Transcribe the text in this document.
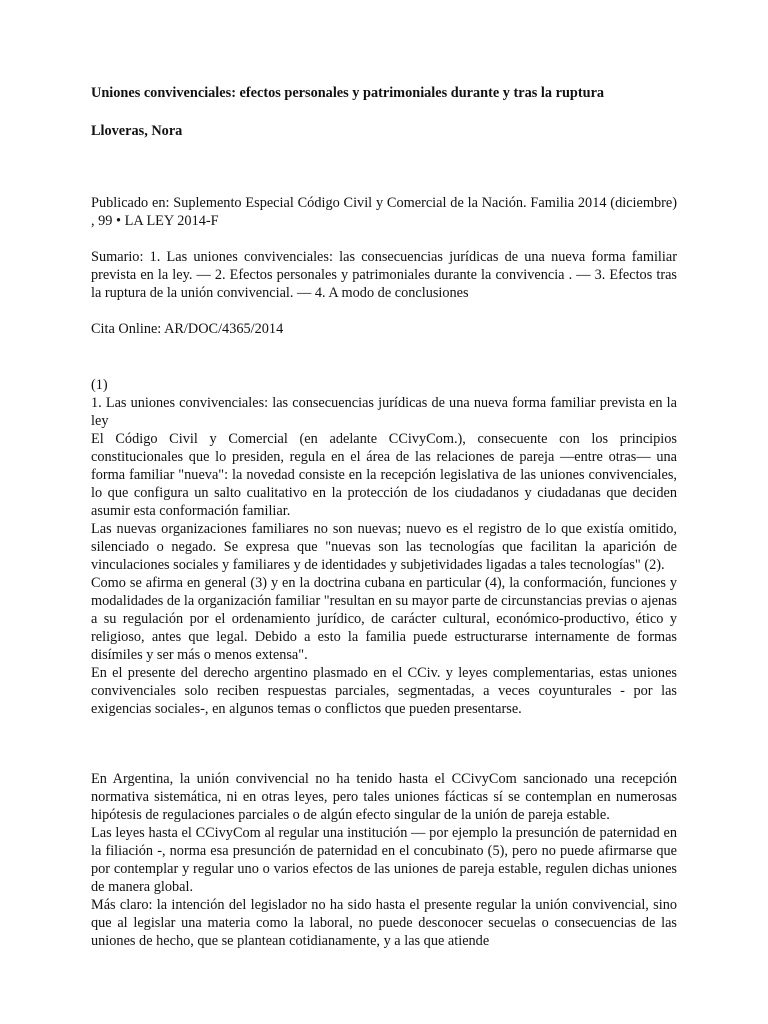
Uniones convivenciales: efectos personales y patrimoniales durante y tras la ruptura

Lloveras, Nora

Publicado en: Suplemento Especial Código Civil y Comercial de la Nación. Familia 2014 (diciembre) , 99 • LA LEY 2014-F

Sumario: 1. Las uniones convivenciales: las consecuencias jurídicas de una nueva forma familiar prevista en la ley. — 2. Efectos personales y patrimoniales durante la convivencia . — 3. Efectos tras la ruptura de la unión convivencial. — 4. A modo de conclusiones

Cita Online: AR/DOC/4365/2014

(1)

1. Las uniones convivenciales: las consecuencias jurídicas de una nueva forma familiar prevista en la ley

El Código Civil y Comercial (en adelante CCivyCom.), consecuente con los principios constitucionales que lo presiden, regula en el área de las relaciones de pareja —entre otras— una forma familiar "nueva": la novedad consiste en la recepción legislativa de las uniones convivenciales, lo que configura un salto cualitativo en la protección de los ciudadanos y ciudadanas que deciden asumir esta conformación familiar.

Las nuevas organizaciones familiares no son nuevas; nuevo es el registro de lo que existía omitido, silenciado o negado. Se expresa que "nuevas son las tecnologías que facilitan la aparición de vinculaciones sociales y familiares y de identidades y subjetividades ligadas a tales tecnologías" (2).

Como se afirma en general (3) y en la doctrina cubana en particular (4), la conformación, funciones y modalidades de la organización familiar "resultan en su mayor parte de circunstancias previas o ajenas a su regulación por el ordenamiento jurídico, de carácter cultural, económico-productivo, ético y religioso, antes que legal. Debido a esto la familia puede estructurarse internamente de formas disímiles y ser más o menos extensa".

En el presente del derecho argentino plasmado en el CCiv. y leyes complementarias, estas uniones convivenciales solo reciben respuestas parciales, segmentadas, a veces coyunturales - por las exigencias sociales-, en algunos temas o conflictos que pueden presentarse.

En Argentina, la unión convivencial no ha tenido hasta el CCivyCom sancionado una recepción normativa sistemática, ni en otras leyes, pero tales uniones fácticas sí se contemplan en numerosas hipótesis de regulaciones parciales o de algún efecto singular de la unión de pareja estable.

Las leyes hasta el CCivyCom al regular una institución — por ejemplo la presunción de paternidad en la filiación -, norma esa presunción de paternidad en el concubinato (5), pero no puede afirmarse que por contemplar y regular uno o varios efectos de las uniones de pareja estable, regulen dichas uniones de manera global.

Más claro: la intención del legislador no ha sido hasta el presente regular la unión convivencial, sino que al legislar una materia como la laboral, no puede desconocer secuelas o consecuencias de las uniones de hecho, que se plantean cotidianamente, y a las que atiende
